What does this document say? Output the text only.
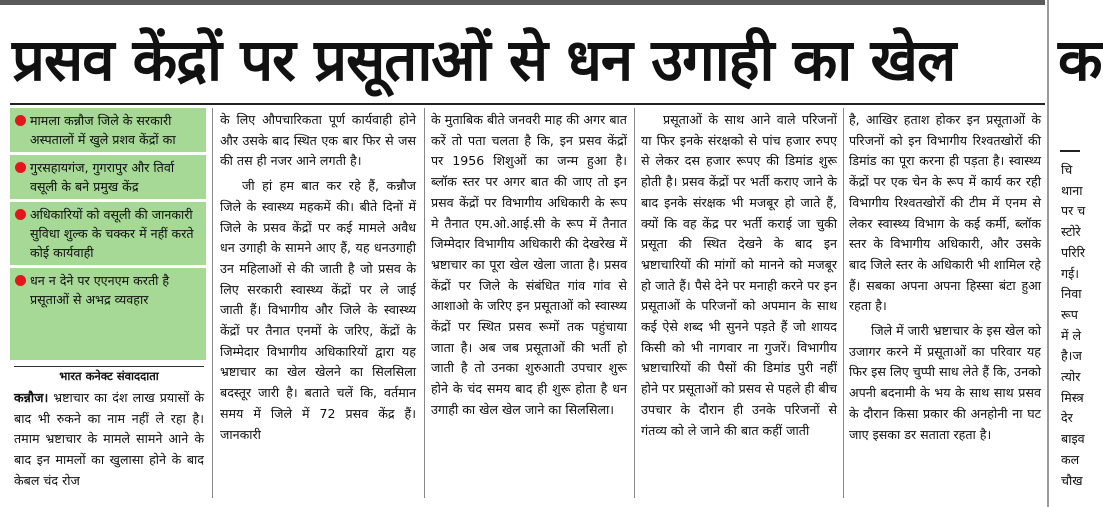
प्रसव केंद्रों पर प्रसूताओं से धन उगाही का खेल	क
मामला कन्नौज जिले के सरकारी अस्पतालों में खुले प्रशव केंद्रों का
गुरसहायगंज, गुगरापुर और तिर्वा वसूली के बने प्रमुख केंद्र
अधिकारियों को वसूली की जानकारी सुविधा शुल्क के चक्कर में नहीं करते कोई कार्यवाही
धन न देने पर एएनएम करती है प्रसूताओं से अभद्र व्यवहार
भारत कनेक्ट संवाददाता

कन्नौज। भ्रष्टाचार का दंश लाख प्रयासों के बाद भी रुकने का नाम नहीं ले रहा है। तमाम भ्रष्टाचार के मामले सामने आने के बाद इन मामलों का खुलासा होने के बाद केबल चंद रोज

के लिए औपचारिकता पूर्ण कार्यवाही होने और उसके बाद स्थित एक बार फिर से जस की तस ही नजर आने लगती है।

जी हां हम बात कर रहे हैं, कन्नौज जिले के स्वास्थ्य महकमें की। बीते दिनों में जिले के प्रसव केंद्रों पर कई मामले अवैध धन उगाही के सामने आए हैं, यह धनउगाही उन महिलाओं से की जाती है जो प्रसव के लिए सरकारी स्वास्थ्य केंद्रों पर ले जाई जाती हैं। विभागीय और जिले के स्वास्थ्य केंद्रों पर तैनात एनमों के जरिए, केंद्रों के जिम्मेदार विभागीय अधिकारियों द्वारा यह भ्रष्टाचार का खेल खेलने का सिलसिला बदस्तूर जारी है। बताते चलें कि, वर्तमान समय में जिले में 72 प्रसव केंद्र हैं। जानकारी

के मुताबिक बीते जनवरी माह की अगर बात करें तो पता चलता है कि, इन प्रसव केंद्रों पर 1956 शिशुओं का जन्म हुआ है। ब्लॉक स्तर पर अगर बात की जाए तो इन प्रसव केंद्रों पर विभागीय अधिकारी के रूप मे तैनात एम.ओ.आई.सी के रूप में तैनात जिम्मेदार विभागीय अधिकारी की देखरेख में भ्रष्टाचार का पूरा खेल खेला जाता है। प्रसव केंद्रों पर जिले के संबंधित गांव गांव से आशाओ के जरिए इन प्रसूताओं को स्वास्थ्य केंद्रों पर स्थित प्रसव रूमों तक पहुंचाया जाता है। अब जब प्रसूताओं की भर्ती हो जाती है तो उनका शुरुआती उपचार शुरू होने के चंद समय बाद ही शुरू होता है धन उगाही का खेल खेल जाने का सिलसिला।

प्रसूताओं के साथ आने वाले परिजनों या फिर इनके संरक्षको से पांच हजार रुपए से लेकर दस हजार रूपए की डिमांड शुरू होती है। प्रसव केंद्रों पर भर्ती कराए जाने के बाद इनके संरक्षक भी मजबूर हो जाते हैं, क्यों कि वह केंद्र पर भर्ती कराई जा चुकी प्रसूता की स्थित देखने के बाद इन भ्रष्टाचारियों की मांगों को मानने को मजबूर हो जाते हैं। पैसे देने पर मनाही करने पर इन प्रसूताओं के परिजनों को अपमान के साथ कई ऐसे शब्द भी सुनने पड़ते हैं जो शायद किसी को भी नागवार ना गुजरें। विभागीय भ्रष्टाचारियों की पैसों की डिमांड पुरी नहीं होने पर प्रसूताओं को प्रसव से पहले ही बीच उपचार के दौरान ही उनके परिजनों से गंतव्य को ले जाने की बात कहीं जाती

है, आखिर हताश होकर इन प्रसूताओं के परिजनों को इन विभागीय रिश्वतखोरों की डिमांड का पूरा करना ही पड़ता है। स्वास्थ्य केंद्रों पर एक चेन के रूप में कार्य कर रही विभागीय रिश्वतखोरों की टीम में एनम से लेकर स्वास्थ्य विभाग के कई कर्मी, ब्लॉक स्तर के विभागीय अधिकारी, और उसके बाद जिले स्तर के अधिकारी भी शामिल रहे हैं। सबका अपना अपना हिस्सा बंटा हुआ रहता है।

जिले में जारी भ्रष्टाचार के इस खेल को उजागर करने में प्रसूताओं का परिवार यह फिर इस लिए चुप्पी साध लेते हैं कि, उनको अपनी बदनामी के भय के साथ साथ प्रसव के दौरान किसा प्रकार की अनहोनी ना घट जाए इसका डर सताता रहता है।

चि
थाना
पर च
स्टोरे
परिरि
गई।
निवा
रूप
में ले
है।ज
त्योर
मिस्त्र
देर
बाइव
कल
चौख
